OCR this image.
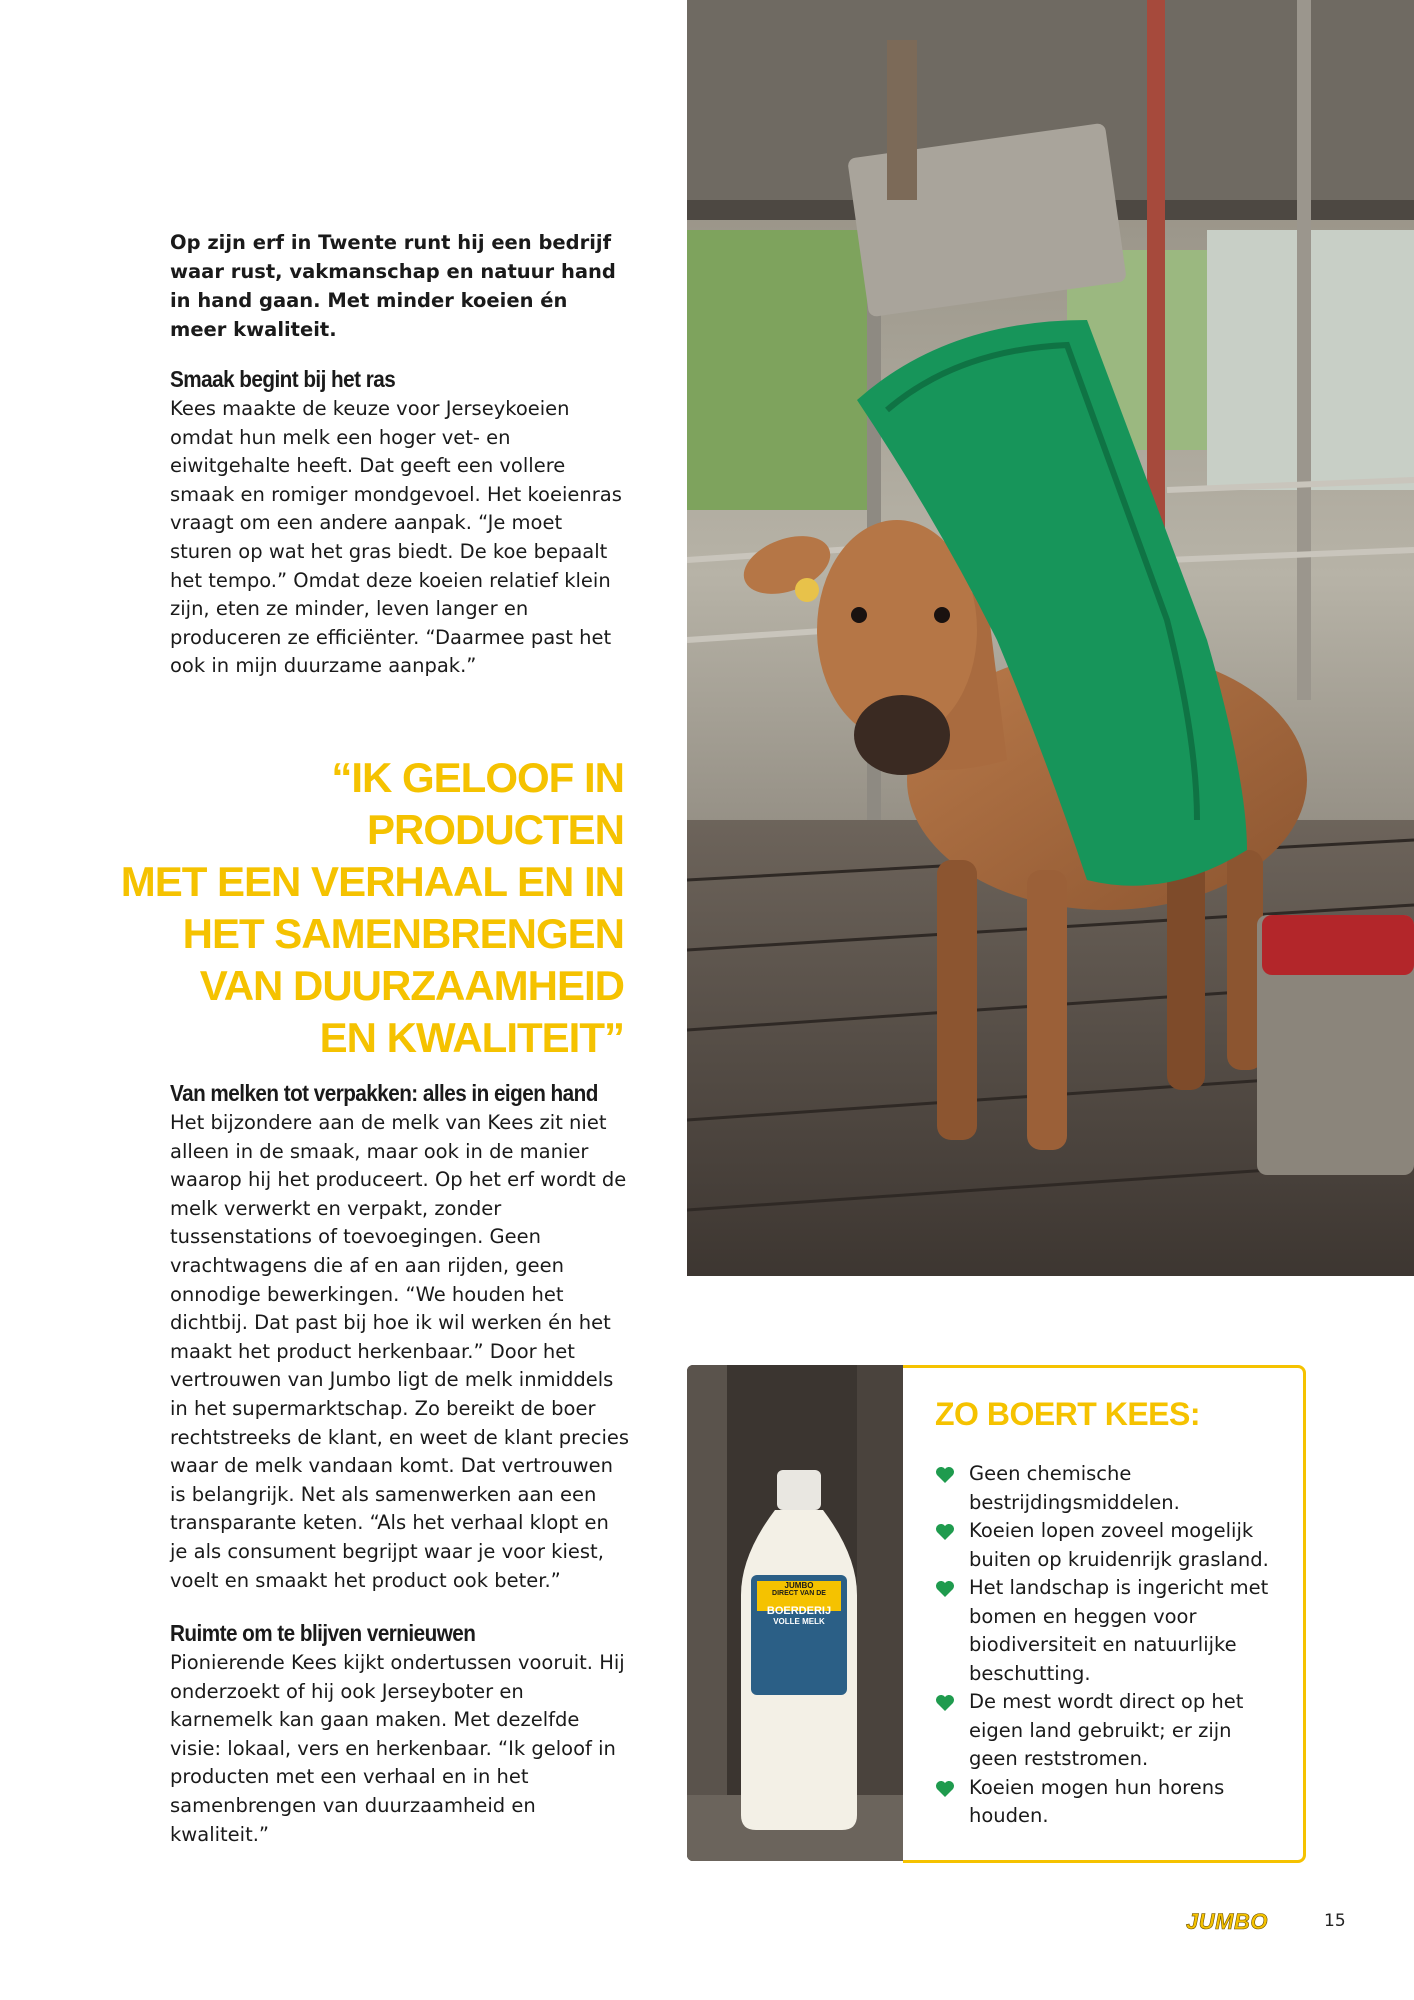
Op zijn erf in Twente runt hij een bedrijf waar rust, vakmanschap en natuur hand in hand gaan. Met minder koeien én meer kwaliteit.

Smaak begint bij het ras

Kees maakte de keuze voor Jerseykoeien omdat hun melk een hoger vet- en eiwitgehalte heeft. Dat geeft een vollere smaak en romiger mondgevoel. Het koeienras vraagt om een andere aanpak. “Je moet sturen op wat het gras biedt. De koe bepaalt het tempo.” Omdat deze koeien relatief klein zijn, eten ze minder, leven langer en produceren ze efficiënter. “Daarmee past het ook in mijn duurzame aanpak.”

“IK GELOOF IN PRODUCTEN
MET EEN VERHAAL EN IN
HET SAMENBRENGEN
VAN DUURZAAMHEID
EN KWALITEIT”
Van melken tot verpakken: alles in eigen hand

Het bijzondere aan de melk van Kees zit niet alleen in de smaak, maar ook in de manier waarop hij het produceert. Op het erf wordt de melk verwerkt en verpakt, zonder tussenstations of toevoegingen. Geen vrachtwagens die af en aan rijden, geen onnodige bewerkingen. “We houden het dichtbij. Dat past bij hoe ik wil werken én het maakt het product herkenbaar.” Door het vertrouwen van Jumbo ligt de melk inmiddels in het supermarktschap. Zo bereikt de boer rechtstreeks de klant, en weet de klant precies waar de melk vandaan komt. Dat vertrouwen is belangrijk. Net als samenwerken aan een transparante keten. “Als het verhaal klopt en je als consument begrijpt waar je voor kiest, voelt en smaakt het product ook beter.”

Ruimte om te blijven vernieuwen

Pionierende Kees kijkt ondertussen vooruit. Hij onderzoekt of hij ook Jerseyboter en karnemelk kan gaan maken. Met dezelfde visie: lokaal, vers en herkenbaar. “Ik geloof in producten met een verhaal en in het samenbrengen van duurzaamheid en kwaliteit.”

JUMBO
DIRECT VAN DE
BOERDERIJ
VOLLE MELK
ZO BOERT KEES:
Geen chemische bestrijdingsmiddelen.
Koeien lopen zoveel mogelijk buiten op kruidenrijk grasland.
Het landschap is ingericht met bomen en heggen voor biodiversiteit en natuurlijke beschutting.
De mest wordt direct op het eigen land gebruikt; er zijn geen reststromen.
Koeien mogen hun horens houden.
JUMBO	15
